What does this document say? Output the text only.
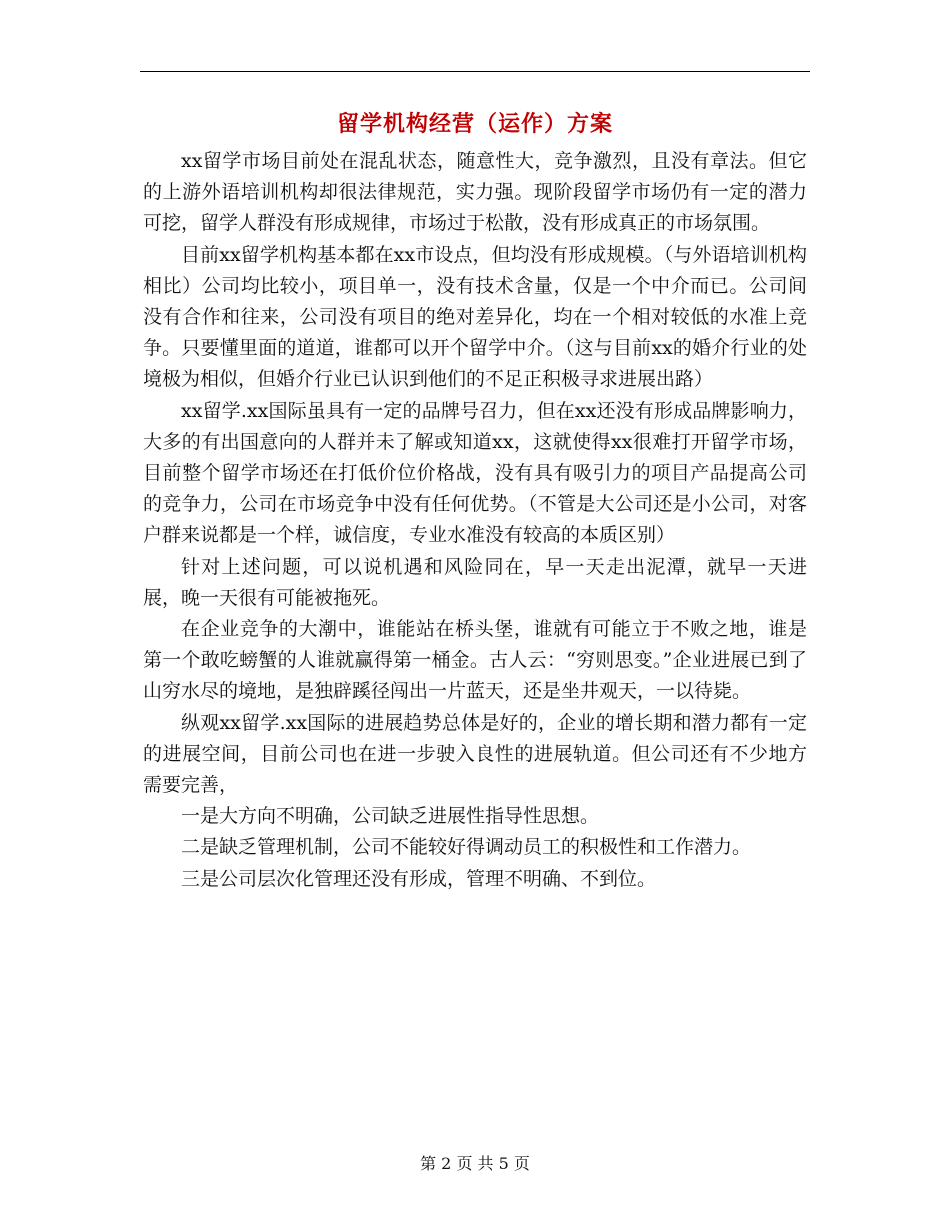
留学机构经营（运作）方案

xx留学市场目前处在混乱状态，随意性大，竞争激烈，且没有章法。但它的上游外语培训机构却很法律规范，实力强。现阶段留学市场仍有一定的潜力可挖，留学人群没有形成规律，市场过于松散，没有形成真正的市场氛围。

目前xx留学机构基本都在xx市设点，但均没有形成规模。（与外语培训机构相比）公司均比较小，项目单一，没有技术含量，仅是一个中介而已。公司间没有合作和往来，公司没有项目的绝对差异化，均在一个相对较低的水准上竞争。只要懂里面的道道，谁都可以开个留学中介。（这与目前xx的婚介行业的处境极为相似，但婚介行业已认识到他们的不足正积极寻求进展出路）

xx留学.xx国际虽具有一定的品牌号召力，但在xx还没有形成品牌影响力，大多的有出国意向的人群并未了解或知道xx，这就使得xx很难打开留学市场，目前整个留学市场还在打低价位价格战，没有具有吸引力的项目产品提高公司的竞争力，公司在市场竞争中没有任何优势。（不管是大公司还是小公司，对客户群来说都是一个样，诚信度，专业水准没有较高的本质区别）

针对上述问题，可以说机遇和风险同在，早一天走出泥潭，就早一天进展，晚一天很有可能被拖死。

在企业竞争的大潮中，谁能站在桥头堡，谁就有可能立于不败之地，谁是第一个敢吃螃蟹的人谁就赢得第一桶金。古人云：“穷则思变。”企业进展已到了山穷水尽的境地，是独辟蹊径闯出一片蓝天，还是坐井观天，一以待毙。

纵观xx留学.xx国际的进展趋势总体是好的，企业的增长期和潜力都有一定的进展空间，目前公司也在进一步驶入良性的进展轨道。但公司还有不少地方需要完善，

一是大方向不明确，公司缺乏进展性指导性思想。

二是缺乏管理机制，公司不能较好得调动员工的积极性和工作潜力。

三是公司层次化管理还没有形成，管理不明确、不到位。

第 2 页 共 5 页
